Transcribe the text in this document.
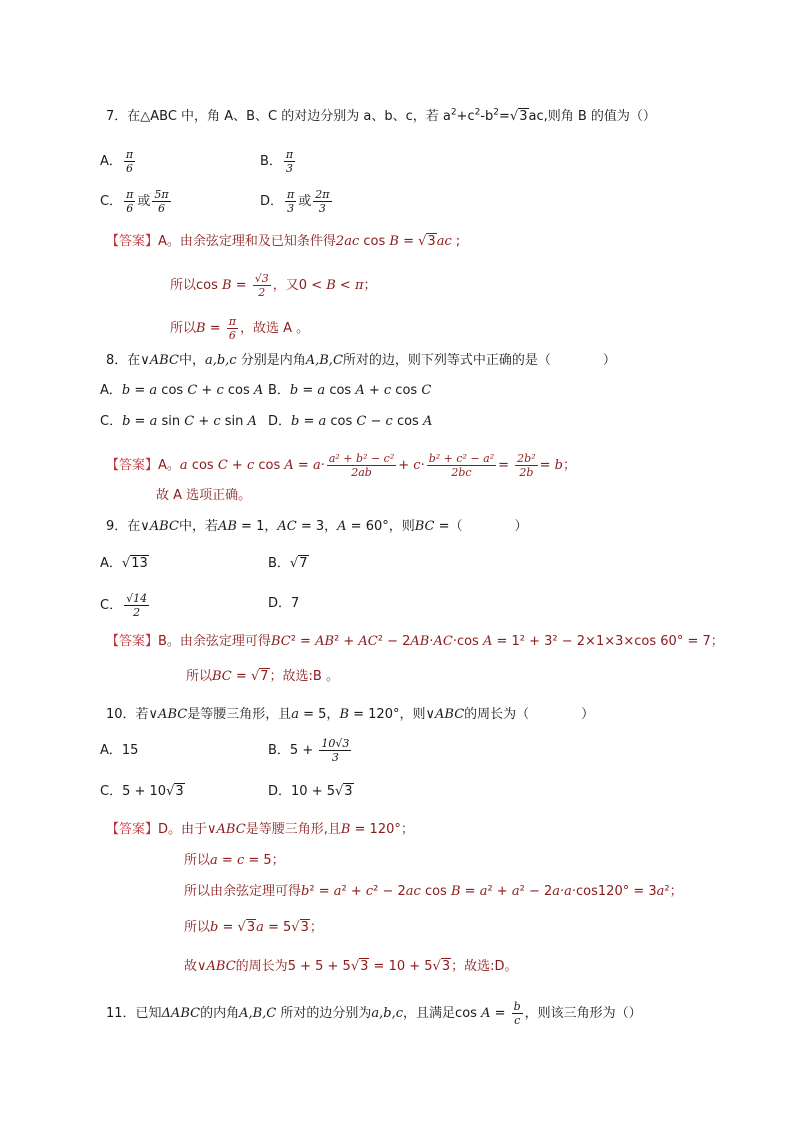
7．在△ABC 中，角 A、B、C 的对边分别为 a、b、c，若 $a^2+c^2-b^2=√3ac$,则角 B 的值为（）
A． $\frac{\pi}{6}$	B． $\frac{\pi}{3}$
C． $\frac{\pi}{6}$ 或 $\frac{5\pi}{6}$	D． $\frac{\pi}{3}$ 或 $\frac{2\pi}{3}$
【答案】A。由余弦定理和及已知条件得2ac cos B = √3ac ;
所以$\cos B = \frac{√3}{2}$ ，又0 < B < π；
所以$B = \frac{\pi}{6}$ ，故选 A 。
8．在∨ABC中，a,b,c 分别是内角A,B,C所对的边，则下列等式中正确的是（　　　　）
A．b = a cos C + c cos A B．b = a cos A + c cos C
C．b = a sin C + c sin A D．b = a cos C − c cos A
【答案】A。a cos C + c $\cos A = a\cdot \frac{\text{a² + b² − c²}}{2ab} + c\cdot \frac{\text{b² + c² − a²}}{2bc} = \frac{\text{2b²}}{2b} = b$；
故 A 选项正确。
9．在∨ABC中，若AB = 1，AC = 3，A = 60°，则BC =（　　　　）
A．√13	B．√7
C． $\frac{√14}{2}$	D．7
【答案】B。由余弦定理可得BC² = AB² + AC² − 2AB·AC·cos A = 1² + 3² − 2×1×3×cos 60° = 7；
所以BC = √7；故选:B 。
10．若∨ABC是等腰三角形，且a = 5，B = 120°，则∨ABC的周长为（　　　　）
A．15	B．$5 + \frac{10√3}{3}$
C．5 + 10√3	D．10 + 5√3
【答案】D。由于∨ABC是等腰三角形,且B = 120°；
所以a = c = 5；
所以由余弦定理可得b² = a² + c² − 2ac cos B = a² + a² − 2a·a·cos120° = 3a²；
所以b = √3a = 5√3；
故∨ABC的周长为5 + 5 + 5√3 = 10 + 5√3；故选:D。
11．已知ΔABC的内角A,B,C 所对的边分别为a,b,c，且满足$\cos A = \frac{b}{c}$ ，则该三角形为（）
